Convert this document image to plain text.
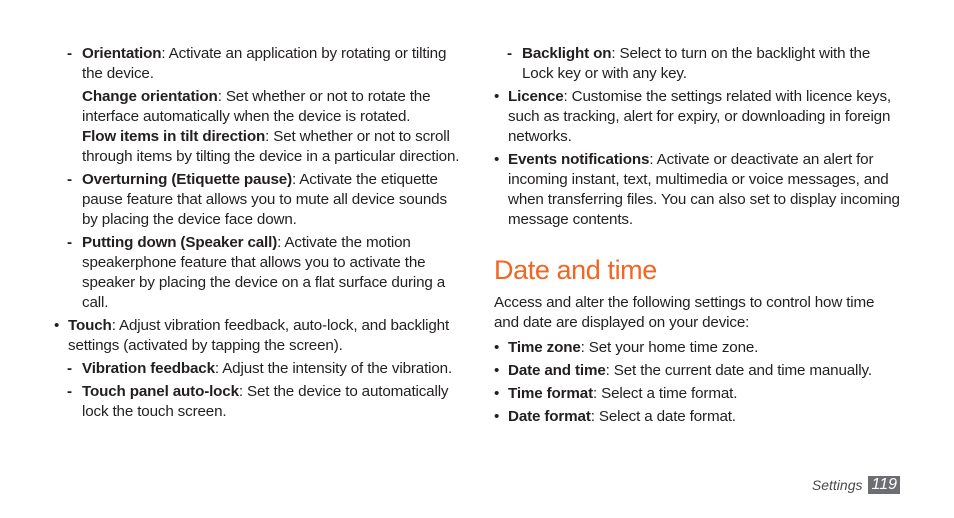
- Orientation: Activate an application by rotating or tilting the device.

Change orientation: Set whether or not to rotate the interface automatically when the device is rotated.

Flow items in tilt direction: Set whether or not to scroll through items by tilting the device in a particular direction.

- Overturning (Etiquette pause): Activate the etiquette pause feature that allows you to mute all device sounds by placing the device face down.
- Putting down (Speaker call): Activate the motion speakerphone feature that allows you to activate the speaker by placing the device on a flat surface during a call.
• Touch: Adjust vibration feedback, auto-lock, and backlight settings (activated by tapping the screen).
- Vibration feedback: Adjust the intensity of the vibration.
- Touch panel auto-lock: Set the device to automatically lock the touch screen.
- Backlight on: Select to turn on the backlight with the Lock key or with any key.
• Licence: Customise the settings related with licence keys, such as tracking, alert for expiry, or downloading in foreign networks.
• Events notifications: Activate or deactivate an alert for incoming instant, text, multimedia or voice messages, and when transferring files. You can also set to display incoming message contents.
Date and time

Access and alter the following settings to control how time and date are displayed on your device:

• Time zone: Set your home time zone.
• Date and time: Set the current date and time manually.
• Time format: Select a time format.
• Date format: Select a date format.
Settings 119
